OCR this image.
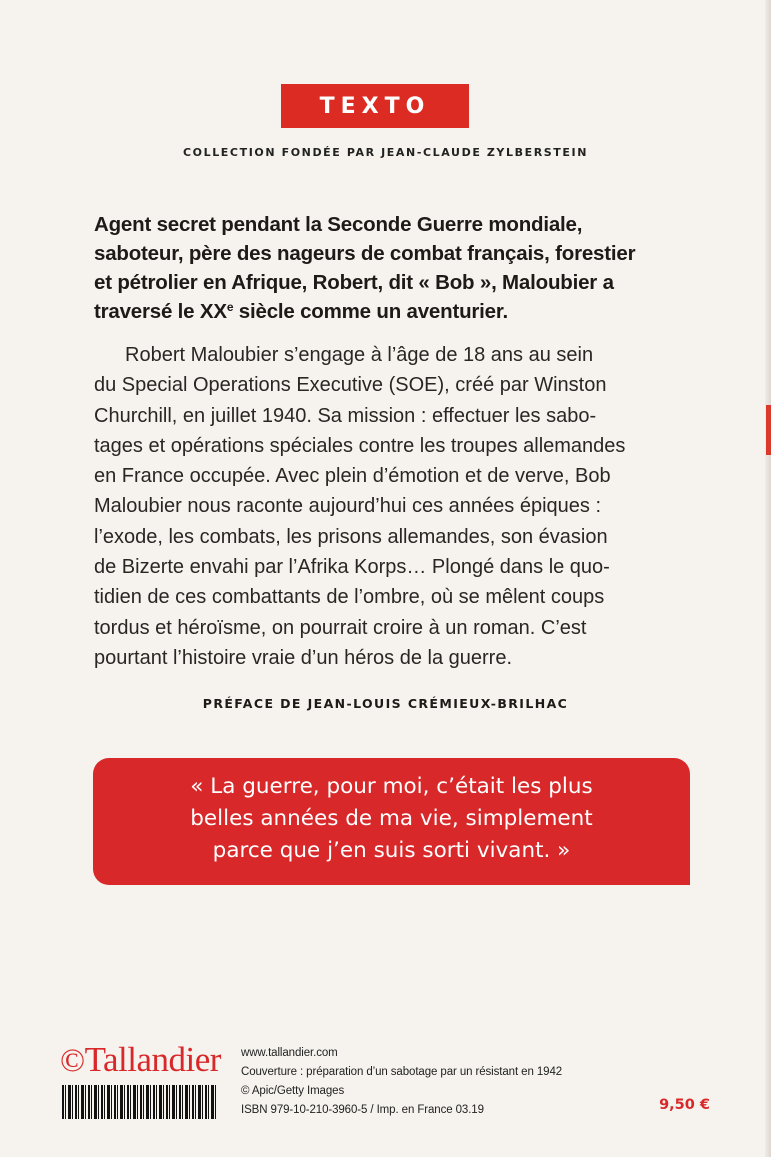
TEXTO
COLLECTION FONDÉE PAR JEAN-CLAUDE ZYLBERSTEIN

Agent secret pendant la Seconde Guerre mondiale,

saboteur, père des nageurs de combat français, forestier

et pétrolier en Afrique, Robert, dit « Bob », Maloubier a

traversé le XXe siècle comme un aventurier.

Robert Maloubier s’engage à l’âge de 18 ans au sein
du Special Operations Executive (SOE), créé par Winston
Churchill, en juillet 1940. Sa mission : effectuer les sabo-
tages et opérations spéciales contre les troupes allemandes
en France occupée. Avec plein d’émotion et de verve, Bob
Maloubier nous raconte aujourd’hui ces années épiques :
l’exode, les combats, les prisons allemandes, son évasion
de Bizerte envahi par l’Afrika Korps… Plongé dans le quo-
tidien de ces combattants de l’ombre, où se mêlent coups
tordus et héroïsme, on pourrait croire à un roman. C’est
pourtant l’histoire vraie d’un héros de la guerre.
PRÉFACE DE JEAN-LOUIS CRÉMIEUX-BRILHAC
« La guerre, pour moi, c’était les plus
belles années de ma vie, simplement
parce que j’en suis sorti vivant. »
©Tallandier www.tallandier.com
Couverture : préparation d’un sabotage par un résistant en 1942
© Apic/Getty Images
ISBN 979-10-210-3960-5 / Imp. en France 03.19	9,50 €
